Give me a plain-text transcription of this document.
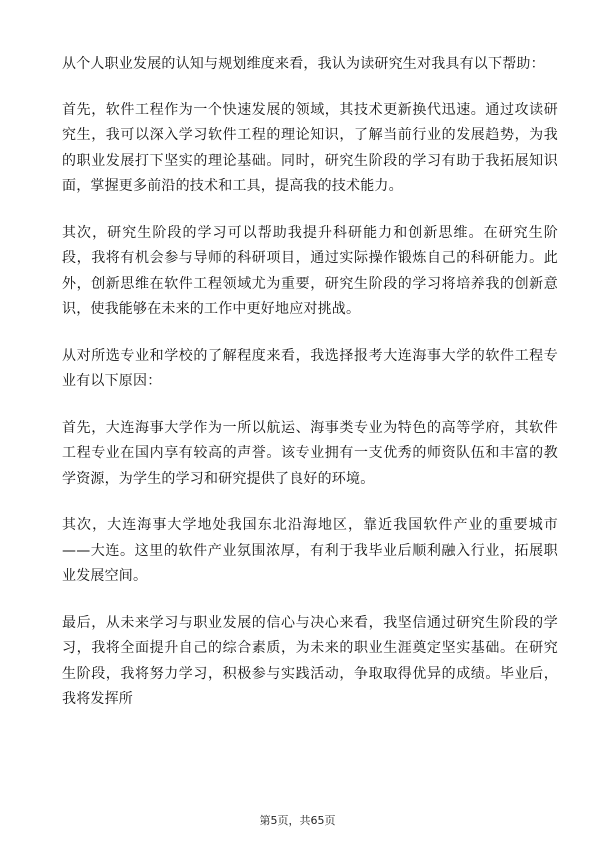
从个人职业发展的认知与规划维度来看，我认为读研究生对我具有以下帮助：

首先，软件工程作为一个快速发展的领域，其技术更新换代迅速。通过攻读研究生，我可以深入学习软件工程的理论知识，了解当前行业的发展趋势，为我的职业发展打下坚实的理论基础。同时，研究生阶段的学习有助于我拓展知识面，掌握更多前沿的技术和工具，提高我的技术能力。

其次，研究生阶段的学习可以帮助我提升科研能力和创新思维。在研究生阶段，我将有机会参与导师的科研项目，通过实际操作锻炼自己的科研能力。此外，创新思维在软件工程领域尤为重要，研究生阶段的学习将培养我的创新意识，使我能够在未来的工作中更好地应对挑战。

从对所选专业和学校的了解程度来看，我选择报考大连海事大学的软件工程专业有以下原因：

首先，大连海事大学作为一所以航运、海事类专业为特色的高等学府，其软件工程专业在国内享有较高的声誉。该专业拥有一支优秀的师资队伍和丰富的教学资源，为学生的学习和研究提供了良好的环境。

其次，大连海事大学地处我国东北沿海地区，靠近我国软件产业的重要城市——大连。这里的软件产业氛围浓厚，有利于我毕业后顺利融入行业，拓展职业发展空间。

最后，从未来学习与职业发展的信心与决心来看，我坚信通过研究生阶段的学习，我将全面提升自己的综合素质，为未来的职业生涯奠定坚实基础。在研究生阶段，我将努力学习，积极参与实践活动，争取取得优异的成绩。毕业后，我将发挥所

第5页，共65页
